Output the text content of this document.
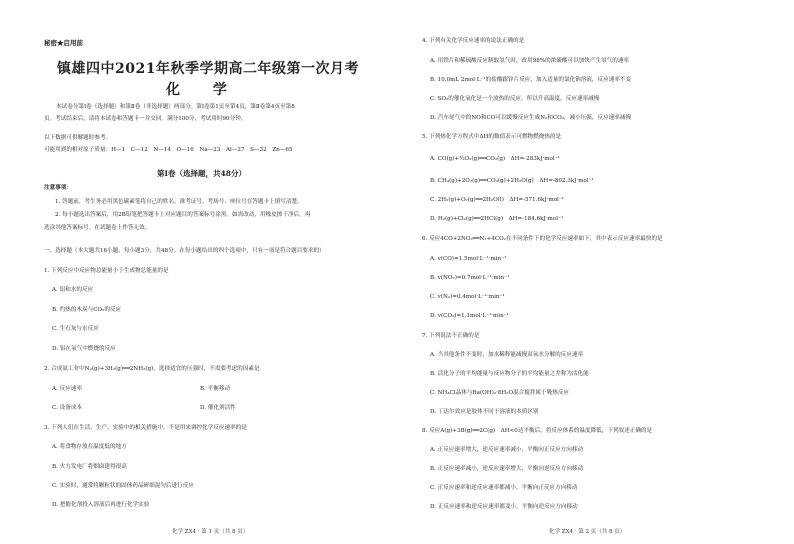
秘密★启用前
镇雄四中2021年秋季学期高二年级第一次月考
化 学
本试卷分第Ⅰ卷（选择题）和第Ⅱ卷（非选择题）两部分。第Ⅰ卷第1页至第4页，第Ⅱ卷第4页至第8
页。考试结束后，请将本试卷和答题卡一并交回。满分100分，考试用时90分钟。
以下数据可供解题时参考。
可能用到的相对原子质量：H—1　C—12　N—14　O—16　Na—23　Al—27　S—32　Zn—65
第Ⅰ卷（选择题，共48分）
注意事项：
1. 答题前，考生务必用黑色碳素笔将自己的姓名、准考证号、考场号、座位号在答题卡上填写清楚。
2. 每小题选出答案后，用2B铅笔把答题卡上对应题目的答案标号涂黑。如需改动，用橡皮擦干净后，再
选涂其他答案标号。在试题卷上作答无效。
一、选择题（本大题共16小题，每小题3分，共48分。在每小题给出的四个选项中，只有一项是符合题目要求的）
1. 下列反应中反应物总能量小于生成物总能量的是
A. 铝和水的反应
B. 灼热的木炭与CO₂的反应
C. 生石灰与水反应
D. 铝在氧气中燃烧的反应
2. 合成氨工业中N₂(g)+3H₂(g)══2NH₃(g)，选择适宜的压强时，不需要考虑的因素是
A. 反应速率	B. 平衡移动
C. 设备成本	D. 催化剂活性
3. 下列人们在生活、生产、实验中的相关措施中，不是用来调控化学反应速率的是
A. 将食物存放在温度低的地方
B. 火力发电厂将烟囱建得很高
C. 实验时，通常将颗粒状的固体药品研细混匀后进行反应
D. 把催化剂投入溶液后再进行化学实验
化学 ZX4 · 第 1 页（共 8 页）
4. 下列有关化学反应速率的说法正确的是
A. 用铁片和稀硫酸反应制取氢气时，改用98%的浓硫酸可以加快产生氢气的速率
B. 10.0mL 2mol·L⁻¹的盐酸跟锌片反应，加入适量的氯化钠溶液，反应速率不变
C. SO₂的催化氧化是一个放热的反应，所以升高温度，反应速率减慢
D. 汽车尾气中的NO和CO可以缓慢反应生成N₂和CO₂，减小压强，反应速率减慢
5. 下列热化学方程式中ΔH的数值表示可燃物燃烧热的是
A. CO(g)+½O₂(g)══CO₂(g)　ΔH=-283kJ·mol⁻¹
B. CH₄(g)+2O₂(g)══CO₂(g)+2H₂O(g)　ΔH=-802.3kJ·mol⁻¹
C. 2H₂(g)+O₂(g)══2H₂O(l)　ΔH=-571.6kJ·mol⁻¹
D. H₂(g)+Cl₂(g)══2HCl(g)　ΔH=-184.6kJ·mol⁻¹
6. 反应4CO+2NO₂══N₂+4CO₂在不同条件下的化学反应速率如下，其中表示反应速率最快的是
A. v(CO)=1.5mol·L⁻¹·min⁻¹
B. v(NO₂)=0.7mol·L⁻¹·min⁻¹
C. v(N₂)=0.4mol·L⁻¹·min⁻¹
D. v(CO₂)=1.1mol·L⁻¹·min⁻¹
7. 下列说法不正确的是
A. 当其他条件不变时，加水稀释能减慢双氧水分解的反应速率
B. 活化分子的平均能量与反应物分子的平均能量之差称为活化能
C. NH₄Cl晶体与Ba(OH)₂·8H₂O混合搅拌属于吸热反应
D. 丁达尔效应是胶体不同于溶液的本质区别
8. 反应A(g)+3B(g)══2C(g)　ΔH<0达平衡后，将反应体系的温度降低，下列叙述正确的是
A. 正反应速率增大，逆反应速率减小，平衡向正反应方向移动
B. 正反应速率减小，逆反应速率增大，平衡向逆反应方向移动
C. 正反应速率和逆反应速率都减小，平衡向正反应方向移动
D. 正反应速率和逆反应速率都变小，平衡向逆反应方向移动
化学 ZX4 · 第 2 页（共 8 页）
